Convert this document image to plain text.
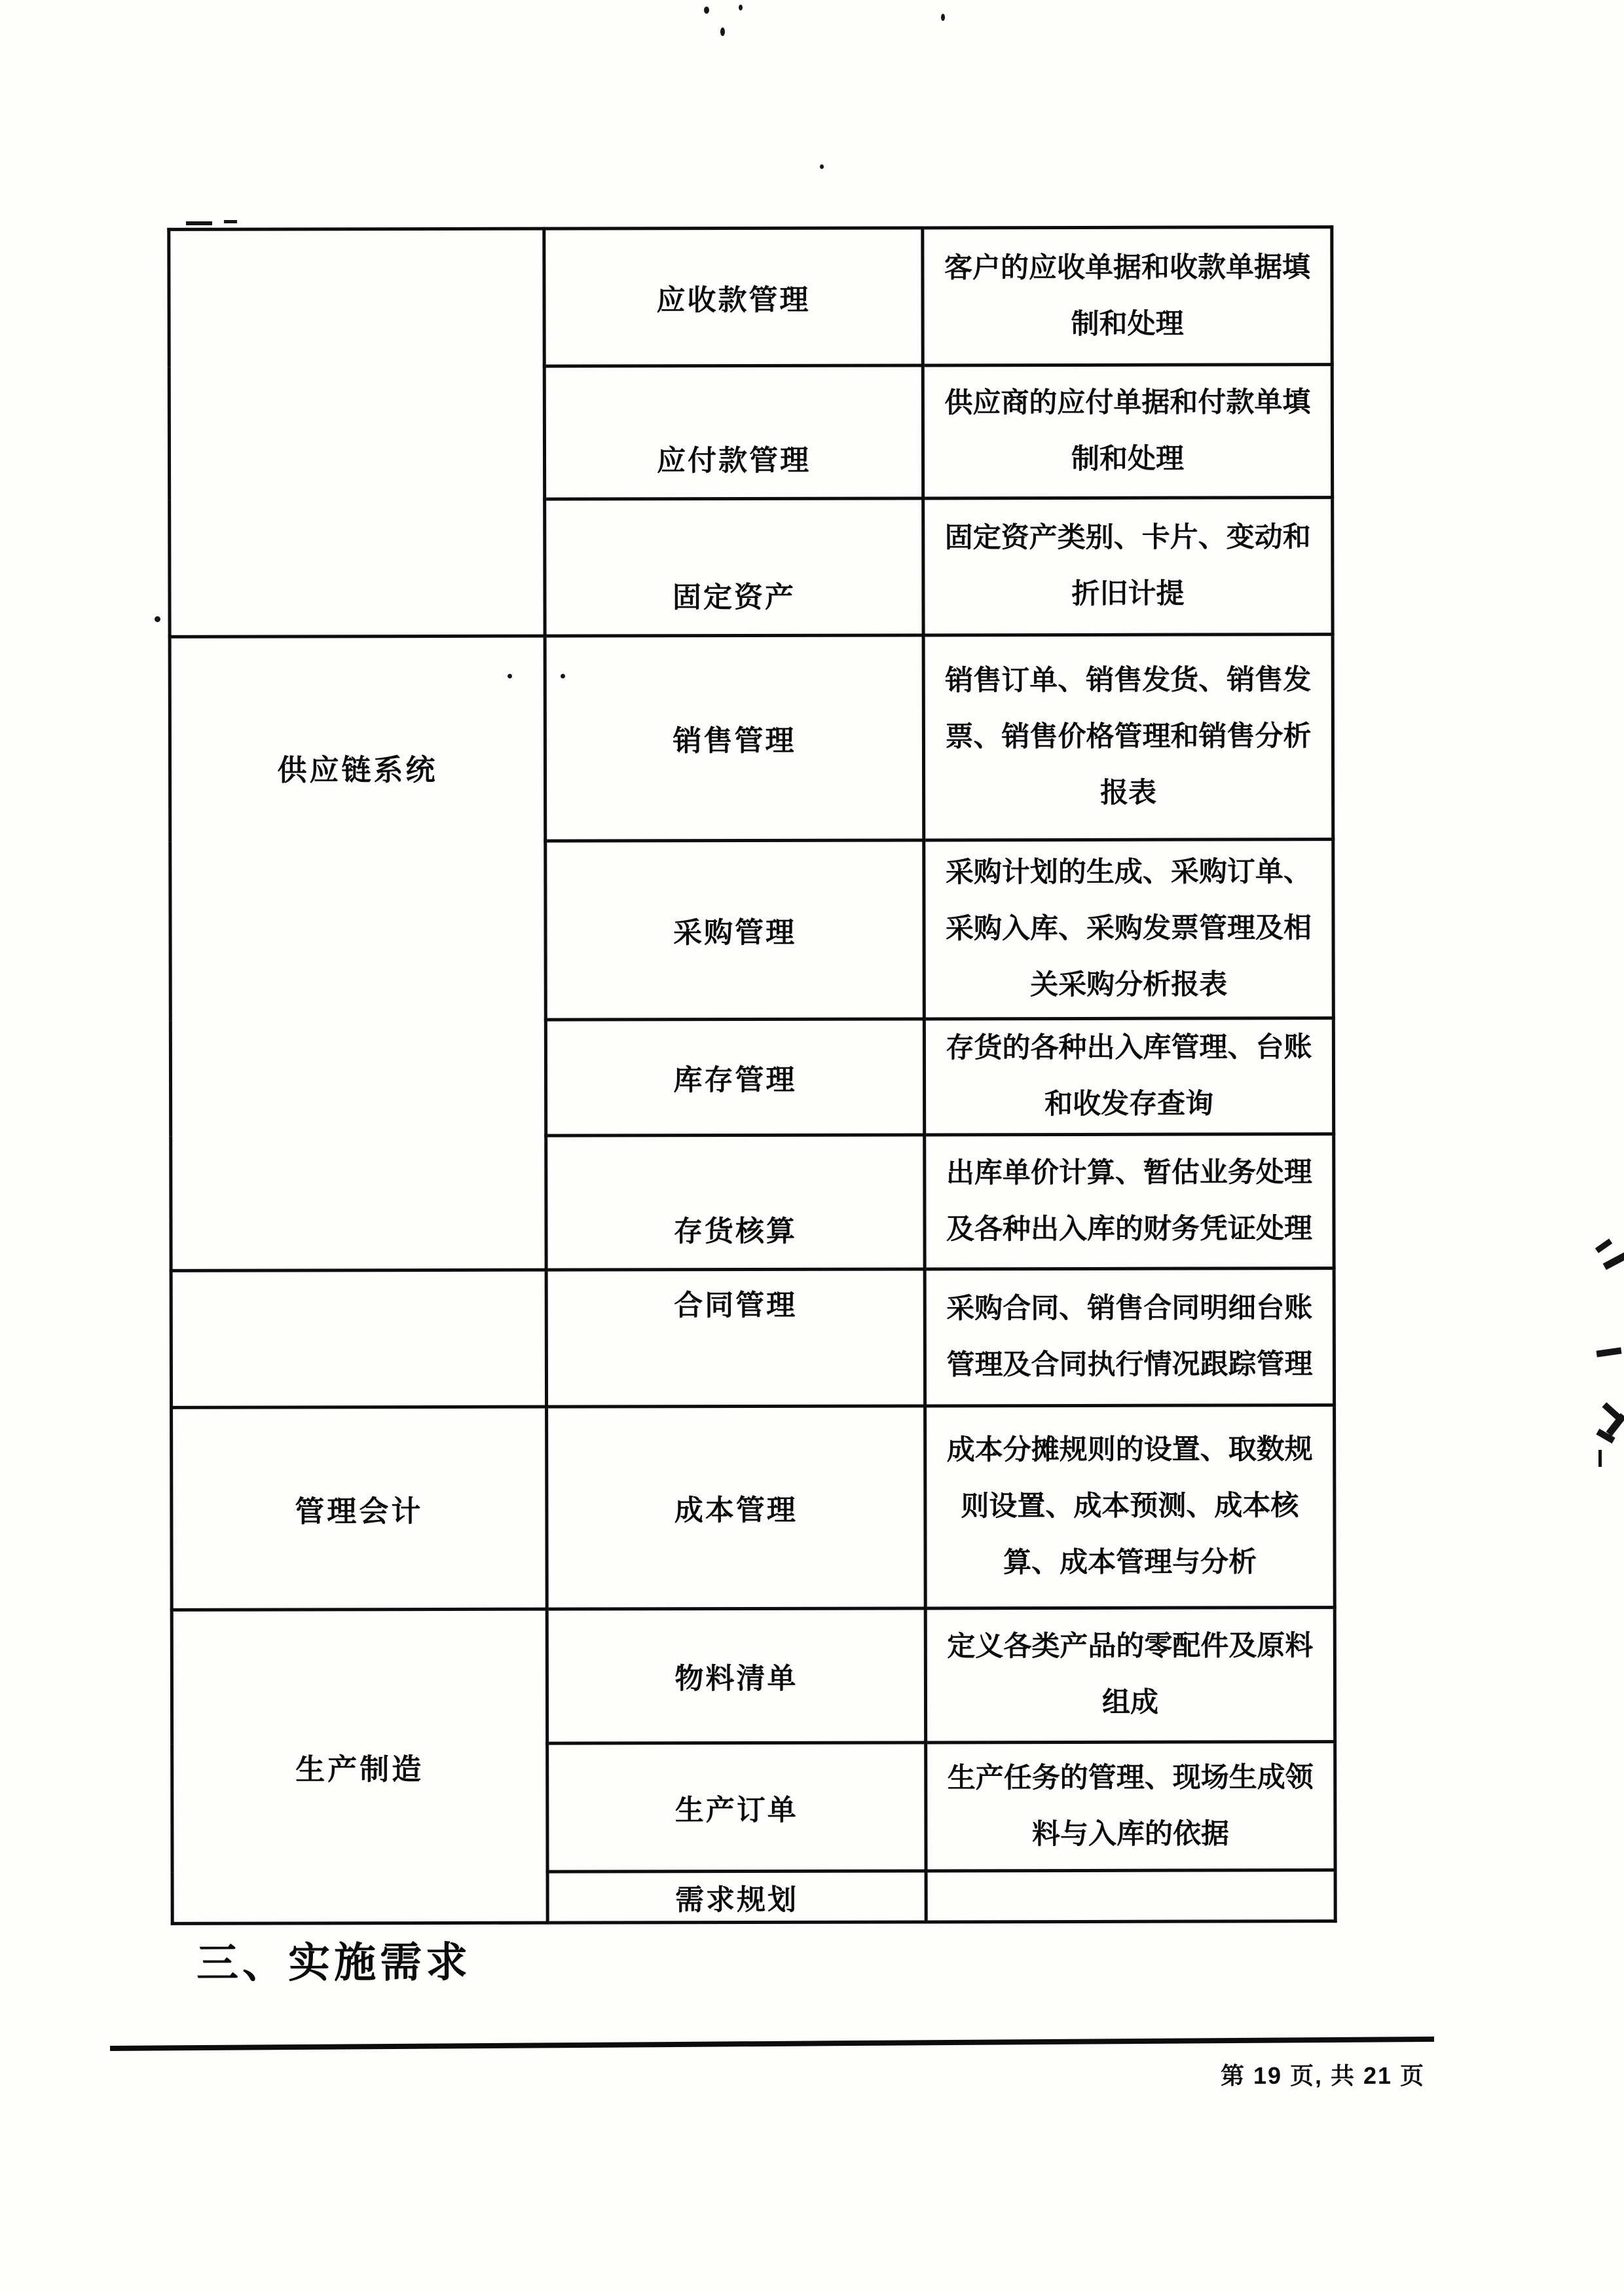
	应收款管理	客户的应收单据和收款单据填
制和处理

	应付款管理	供应商的应付单据和付款单填
制和处理

	固定资产	固定资产类别、卡片、变动和
折旧计提

供应链系统	销售管理	销售订单、销售发货、销售发
票、销售价格管理和销售分析
报表

	采购管理	采购计划的生成、采购订单、
采购入库、采购发票管理及相
关采购分析报表

	库存管理	存货的各种出入库管理、台账
和收发存查询

	存货核算	出库单价计算、暂估业务处理
及各种出入库的财务凭证处理

	合同管理	采购合同、销售合同明细台账
管理及合同执行情况跟踪管理

管理会计	成本管理	成本分摊规则的设置、取数规
则设置、成本预测、成本核
算、成本管理与分析

生产制造	物料清单	定义各类产品的零配件及原料
组成

	生产订单	生产任务的管理、现场生成领
料与入库的依据

	需求规划	
三、实施需求
第 19 页, 共 21 页
